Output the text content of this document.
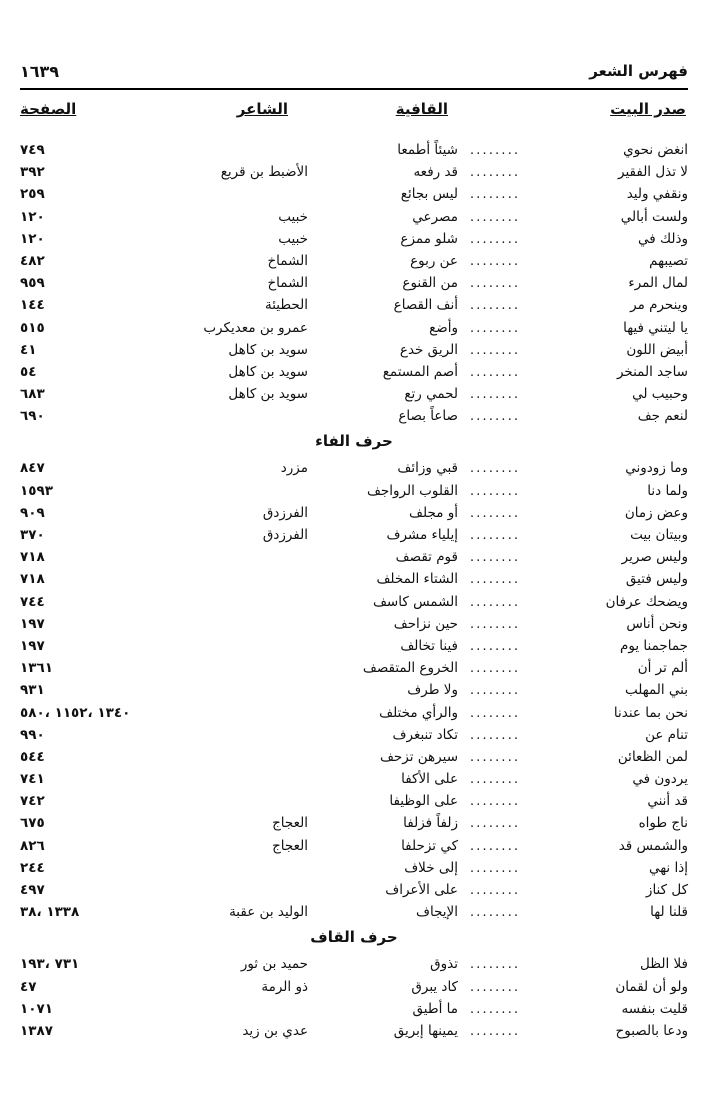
فهرس الشعر
١٦٣٩
صدر البيت
القافية
الشاعر
الصفحة
انغض نحوي
........
شيئاً أطمعا
٧٤٩
لا تذل الفقير
........
قد رفعه
الأضبط بن قريع
٣٩٢
ونقفي وليد
........
ليس بجائع
٢٥٩
ولست أبالي
........
مصرعي
خبيب
١٢٠
وذلك في
........
شلو ممزع
خبيب
١٢٠
تصيبهم
........
عن ربوع
الشماخ
٤٨٢
لمال المرء
........
من القنوع
الشماخ
٩٥٩
وينحرم مر
........
أنف القصاع
الحطيئة
١٤٤
يا ليتني فيها
........
وأضع
عمرو بن معديكرب
٥١٥
أبيض اللون
........
الريق خدع
سويد بن كاهل
٤١
ساجد المنخر
........
أصم المستمع
سويد بن كاهل
٥٤
وحبيب لي
........
لحمي رتع
سويد بن كاهل
٦٨٣
لنعم جف
........
صاعاً بصاع
٦٩٠
حرف الفاء
وما زودوني
........
قبي وزائف
مزرد
٨٤٧
ولما دنا
........
القلوب الرواجف
١٥٩٣
وعض زمان
........
أو مجلف
الفرزدق
٩٠٩
وبيتان بيت
........
إيلياء مشرف
الفرزدق
٣٧٠
وليس صرير
........
قوم تقصف
٧١٨
وليس فتيق
........
الشتاء المخلف
٧١٨
ويضحك عرفان
........
الشمس كاسف
٧٤٤
ونحن أناس
........
حين نزاحف
١٩٧
جماجمنا يوم
........
فينا تخالف
١٩٧
ألم تر أن
........
الخروع المتقصف
١٣٦١
بني المهلب
........
ولا طرف
٩٣١
نحن بما عندنا
........
والرأي مختلف
١٣٤٠ ،١١٥٢ ،٥٨٠
تنام عن
........
تكاد تنبغرف
٩٩٠
لمن الظعائن
........
سيرهن تزحف
٥٤٤
يردون في
........
على الأكفا
٧٤١
قد أنني
........
على الوظيفا
٧٤٢
ناج طواه
........
زلفاً فزلفا
العجاج
٦٧٥
والشمس قد
........
كي تزحلفا
العجاج
٨٢٦
إذا نهي
........
إلى خلاف
٢٤٤
كل كناز
........
على الأعراف
٤٩٧
قلنا لها
........
الإيجاف
الوليد بن عقبة
١٣٣٨ ،٣٨
حرف القاف
فلا الظل
........
تذوق
حميد بن ثور
٧٣١ ،١٩٣
ولو أن لقمان
........
كاد يبرق
ذو الرمة
٤٧
قليت بنفسه
........
ما أطيق
١٠٧١
ودعا بالصبوح
........
يمينها إبريق
عدي بن زيد
١٣٨٧
